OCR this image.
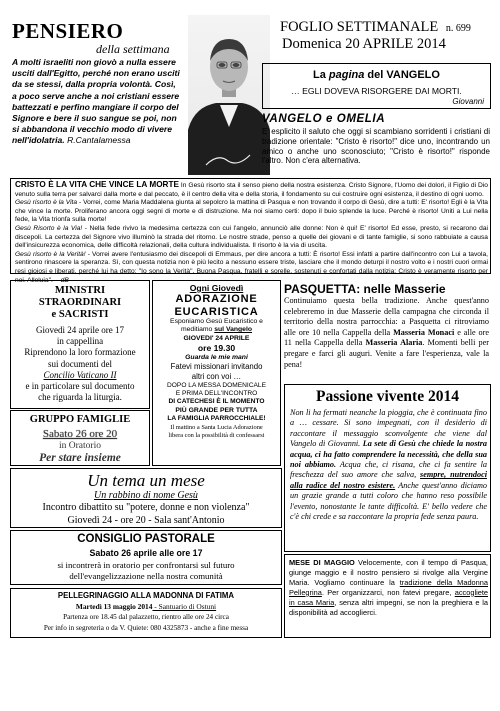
PENSIERO
della settimana
A molti israeliti non giovò a nulla essere usciti dall'Egitto, perché non erano usciti da se stessi, dalla propria volontà. Così, a poco serve anche a noi cristiani essere battezzati e perfino mangiare il corpo del Signore e bere il suo sangue se poi, non si abbandona il vecchio modo di vivere nell'idolatria. R.Cantalamessa
FOGLIO SETTIMANALE n. 699
Domenica 20 APRILE 2014
La pagina del VANGELO
… EGLI DOVEVA RISORGERE DAI MORTI.
Giovanni
VANGELO e OMELIA
E' esplicito il saluto che oggi si scambiano sorridenti i cristiani di tradizione orientale: "Cristo è risorto!" dice uno, incontrando un amico o anche uno sconosciuto; "Cristo è risorto!" risponde l'altro. Non c'era alternativa.
CRISTO È LA VITA CHE VINCE LA MORTE In Gesù risorto sta il senso pieno della nostra esistenza. Cristo Signore, l'Uomo dei dolori, il Figlio di Dio venuto sulla terra per salvarci dalla morte e dal peccato, è il centro della vita e della storia, il fondamento su cui costruire ogni esistenza, il destino di ogni uomo.
Gesù risorto è la Vita - Vorrei, come Maria Maddalena giunta al sepolcro la mattina di Pasqua e non trovando il corpo di Gesù, dire a tutti: E' risorto! Egli è la Vita che vince la morte. Proliferano ancora oggi segni di morte e di distruzione. Ma noi siamo certi: dopo il buio splende la luce. Perché è risorto! Uniti a Lui nella fede, la Vita trionfa sulla morte!
Gesù Risorto è la Via! - Nella fede rivivo la medesima certezza con cui l'angelo, annunciò alle donne: Non è qui! E' risorto! Ed esse, presto, si recarono dai discepoli. La certezza del Signore vivo illuminò la strada del ritorno. Le nostre strade, penso a quelle dei giovani e di tante famiglie, si sono rabbuiate a causa dell'insicurezza economica, delle difficoltà relazionali, della cultura individualista. Il risorto è la via di uscita.
Gesù risorto è la Verità! - Vorrei avere l'entusiasmo dei discepoli di Emmaus, per dire ancora a tutti: È risorto! Essi infatti a partire dall'incontro con Lui a tavola, sentirono rinascere la speranza. Sì, con questa notizia non è più lecito a nessuno essere triste, lasciare che il mondo deturpi il nostro volto e i nostri cuori ormai resi gioiosi e liberati, perché lui ha detto: "Io sono la Verità". Buona Pasqua, fratelli e sorelle, sostenuti e confortati dalla notizia: Cristo è veramente risorto per noi. Alleluia". dB
MINISTRI
STRAORDINARI
e SACRISTI
Giovedì 24 aprile ore 17
in cappellina
Riprendono la loro formazione
sui documenti del
Concilio Vaticano II
e in particolare sul documento
che riguarda la liturgia.
GRUPPO FAMIGLIE
Sabato 26 ore 20
in Oratorio
Per stare insieme
Ogni Giovedì
ADORAZIONE
EUCARISTICA
Esponiamo Gesù Eucaristico e
meditiamo sul Vangelo
GIOVEDI' 24 APRILE
ore 19.30
Guarda le mie mani
Fatevi missionari invitando
altri con voi …
DOPO LA MESSA DOMENICALE
E PRIMA DELL'INCONTRO
DI CATECHESI È IL MOMENTO
PIÙ GRANDE PER TUTTA
LA FAMIGLIA PARROCCHIALE!
Il mattino a Santa Lucia Adorazione
libera con la possibilità di confessarsi
PASQUETTA: nelle Masserie
Continuiamo questa bella tradizione. Anche quest'anno celebreremo in due Masserie della campagna che circonda il territorio della nostra parrocchia: a Pasquetta ci ritroviamo alle ore 10 nella Cappella della Masseria Monaci e alle ore 11 nella Cappella della Masseria Alaria. Momenti belli per pregare e farci gli auguri. Venite a fare l'esperienza, vale la pena!
Passione vivente 2014
Non li ha fermati neanche la pioggia, che è continuata fino a … cessare. Si sono impegnati, con il desiderio di raccontare il messaggio sconvolgente che viene dal Vangelo di Giovanni. La sete di Gesù che chiede la nostra acqua, ci ha fatto comprendere la necessità, che della sua noi abbiamo. Acqua che, ci risana, che ci fa sentire la freschezza del suo amore che salva, sempre, nutrendoci alla radice del nostro esistere. Anche quest'anno diciamo un grazie grande a tutti coloro che hanno reso possibile l'evento, nonostante le tante difficoltà. E' bello vedere che c'è chi crede e sa raccontare la propria fede senza paura.
Un tema un mese
Un rabbino di nome Gesù
Incontro dibattito su "potere, donne e non violenza"
Giovedì 24 - ore 20 - Sala sant'Antonio
CONSIGLIO PASTORALE
Sabato 26 aprile alle ore 17
si incontrerà in oratorio per confrontarsi sul futuro
dell'evangelizzazione nella nostra comunità
PELLEGRINAGGIO ALLA MADONNA DI FATIMA
Martedì 13 maggio 2014 - Santuario di Ostuni
Partenza ore 18.45 dal palazzetto, rientro alle ore 24 circa
Per info in segreteria o da V. Quiete: 080 4325873 - anche a fine messa
MESE DI MAGGIO Velocemente, con il tempo di Pasqua, giunge maggio e il nostro pensiero si rivolge alla Vergine Maria. Vogliamo continuare la tradizione della Madonna Pellegrina. Per organizzarci, non fatevi pregare, accogliete in casa Maria, senza altri impegni, se non la preghiera e la disponibilità ad accoglierci.
